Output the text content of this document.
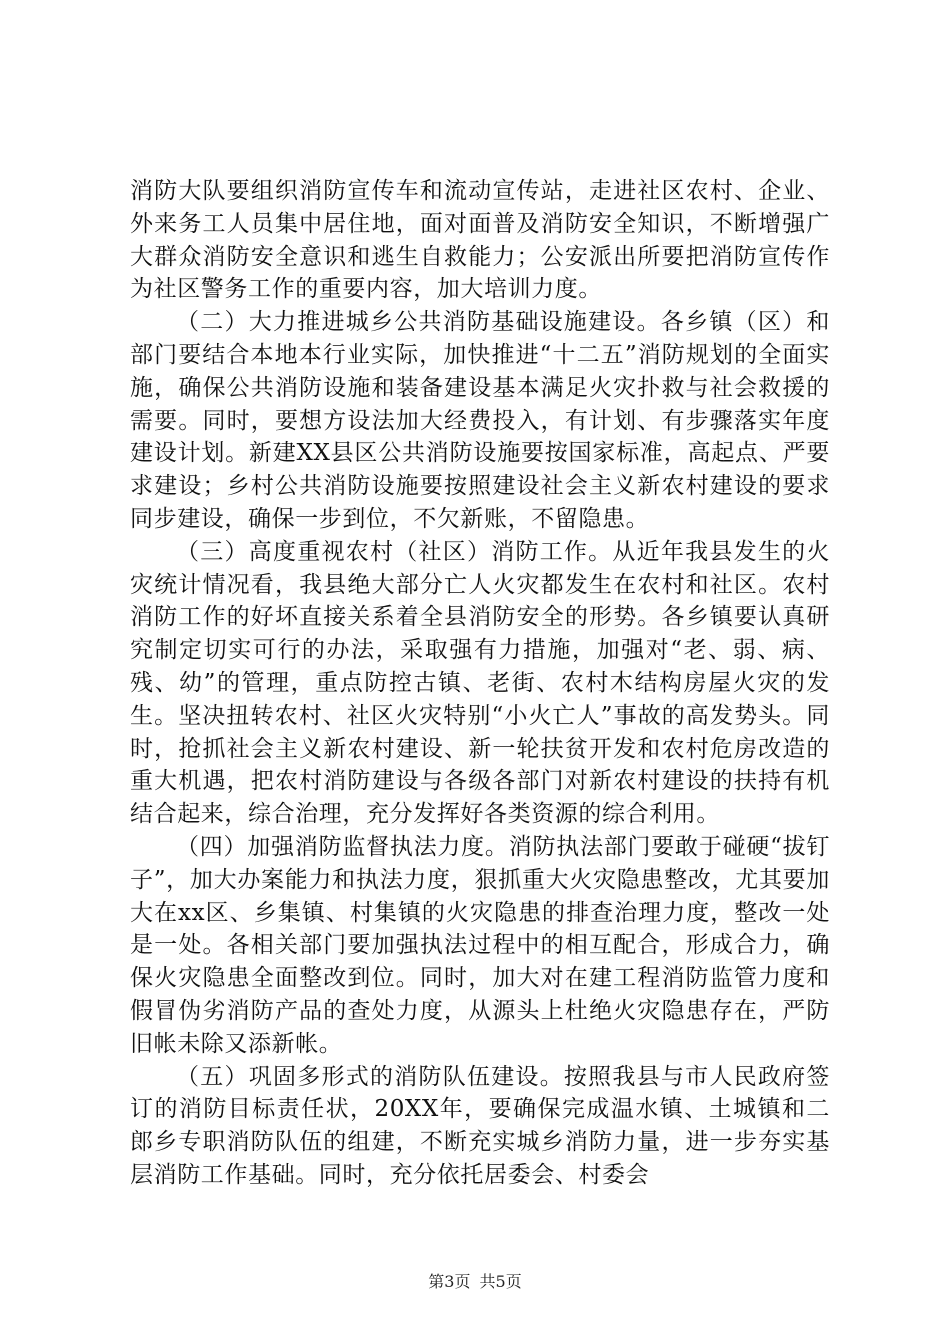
消防大队要组织消防宣传车和流动宣传站，走进社区农村、企业、外来务工人员集中居住地，面对面普及消防安全知识，不断增强广大群众消防安全意识和逃生自救能力；公安派出所要把消防宣传作为社区警务工作的重要内容，加大培训力度。

（二）大力推进城乡公共消防基础设施建设。各乡镇（区）和部门要结合本地本行业实际，加快推进“十二五”消防规划的全面实施，确保公共消防设施和装备建设基本满足火灾扑救与社会救援的需要。同时，要想方设法加大经费投入，有计划、有步骤落实年度建设计划。新建XX县区公共消防设施要按国家标准，高起点、严要求建设；乡村公共消防设施要按照建设社会主义新农村建设的要求同步建设，确保一步到位，不欠新账，不留隐患。

（三）高度重视农村（社区）消防工作。从近年我县发生的火灾统计情况看，我县绝大部分亡人火灾都发生在农村和社区。农村消防工作的好坏直接关系着全县消防安全的形势。各乡镇要认真研究制定切实可行的办法，采取强有力措施，加强对“老、弱、病、残、幼”的管理，重点防控古镇、老街、农村木结构房屋火灾的发生。坚决扭转农村、社区火灾特别“小火亡人”事故的高发势头。同时，抢抓社会主义新农村建设、新一轮扶贫开发和农村危房改造的重大机遇，把农村消防建设与各级各部门对新农村建设的扶持有机结合起来，综合治理，充分发挥好各类资源的综合利用。

（四）加强消防监督执法力度。消防执法部门要敢于碰硬“拔钉子”，加大办案能力和执法力度，狠抓重大火灾隐患整改，尤其要加大在xx区、乡集镇、村集镇的火灾隐患的排查治理力度，整改一处是一处。各相关部门要加强执法过程中的相互配合，形成合力，确保火灾隐患全面整改到位。同时，加大对在建工程消防监管力度和假冒伪劣消防产品的查处力度，从源头上杜绝火灾隐患存在，严防旧帐未除又添新帐。

（五）巩固多形式的消防队伍建设。按照我县与市人民政府签订的消防目标责任状，20XX年，要确保完成温水镇、土城镇和二郎乡专职消防队伍的组建，不断充实城乡消防力量，进一步夯实基层消防工作基础。同时，充分依托居委会、村委会

第3页 共5页
